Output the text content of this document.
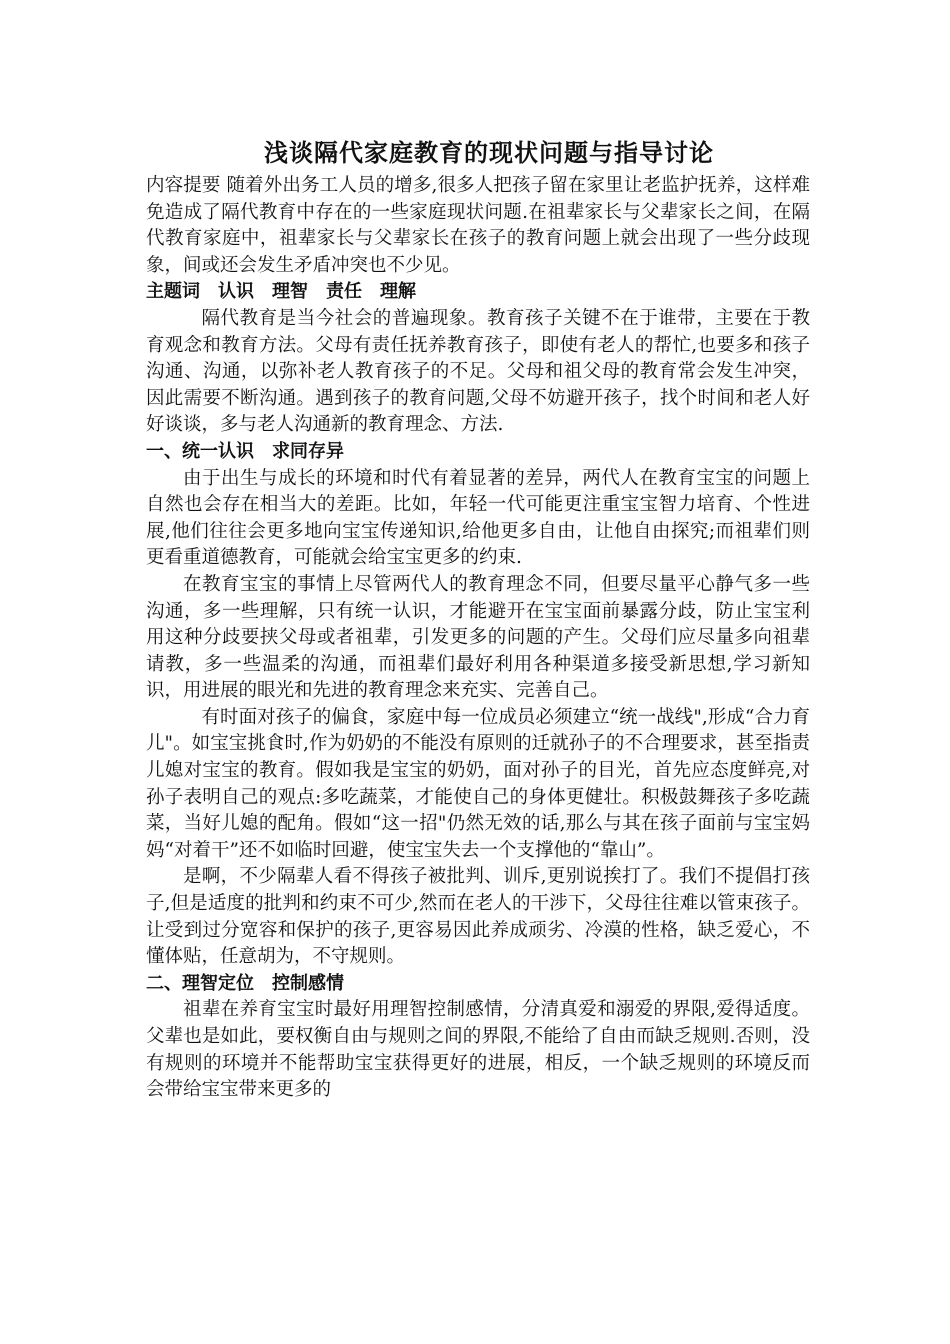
浅谈隔代家庭教育的现状问题与指导讨论

内容提要 随着外出务工人员的增多,很多人把孩子留在家里让老监护抚养，这样难免造成了隔代教育中存在的一些家庭现状问题.在祖辈家长与父辈家长之间，在隔代教育家庭中，祖辈家长与父辈家长在孩子的教育问题上就会出现了一些分歧现象，间或还会发生矛盾冲突也不少见。

主题词　认识　理智　责任　理解

隔代教育是当今社会的普遍现象。教育孩子关键不在于谁带，主要在于教育观念和教育方法。父母有责任抚养教育孩子，即使有老人的帮忙,也要多和孩子沟通、沟通，以弥补老人教育孩子的不足。父母和祖父母的教育常会发生冲突，因此需要不断沟通。遇到孩子的教育问题,父母不妨避开孩子，找个时间和老人好好谈谈，多与老人沟通新的教育理念、方法.

一、统一认识　求同存异

由于出生与成长的环境和时代有着显著的差异，两代人在教育宝宝的问题上自然也会存在相当大的差距。比如，年轻一代可能更注重宝宝智力培育、个性进展,他们往往会更多地向宝宝传递知识,给他更多自由，让他自由探究;而祖辈们则更看重道德教育，可能就会给宝宝更多的约束.

在教育宝宝的事情上尽管两代人的教育理念不同，但要尽量平心静气多一些沟通，多一些理解，只有统一认识，才能避开在宝宝面前暴露分歧，防止宝宝利用这种分歧要挟父母或者祖辈，引发更多的问题的产生。父母们应尽量多向祖辈请教，多一些温柔的沟通，而祖辈们最好利用各种渠道多接受新思想,学习新知识，用进展的眼光和先进的教育理念来充实、完善自己。

有时面对孩子的偏食，家庭中每一位成员必须建立“统一战线",形成“合力育儿"。如宝宝挑食时,作为奶奶的不能没有原则的迁就孙子的不合理要求，甚至指责儿媳对宝宝的教育。假如我是宝宝的奶奶，面对孙子的目光，首先应态度鲜亮,对孙子表明自己的观点:多吃蔬菜，才能使自己的身体更健壮。积极鼓舞孩子多吃蔬菜，当好儿媳的配角。假如“这一招"仍然无效的话,那么与其在孩子面前与宝宝妈妈“对着干”还不如临时回避，使宝宝失去一个支撑他的“靠山”。

是啊，不少隔辈人看不得孩子被批判、训斥,更别说挨打了。我们不提倡打孩子,但是适度的批判和约束不可少,然而在老人的干涉下，父母往往难以管束孩子。让受到过分宽容和保护的孩子,更容易因此养成顽劣、冷漠的性格，缺乏爱心，不懂体贴，任意胡为，不守规则。

二、理智定位　控制感情

祖辈在养育宝宝时最好用理智控制感情，分清真爱和溺爱的界限,爱得适度。父辈也是如此，要权衡自由与规则之间的界限,不能给了自由而缺乏规则.否则，没有规则的环境并不能帮助宝宝获得更好的进展，相反，一个缺乏规则的环境反而会带给宝宝带来更多的
